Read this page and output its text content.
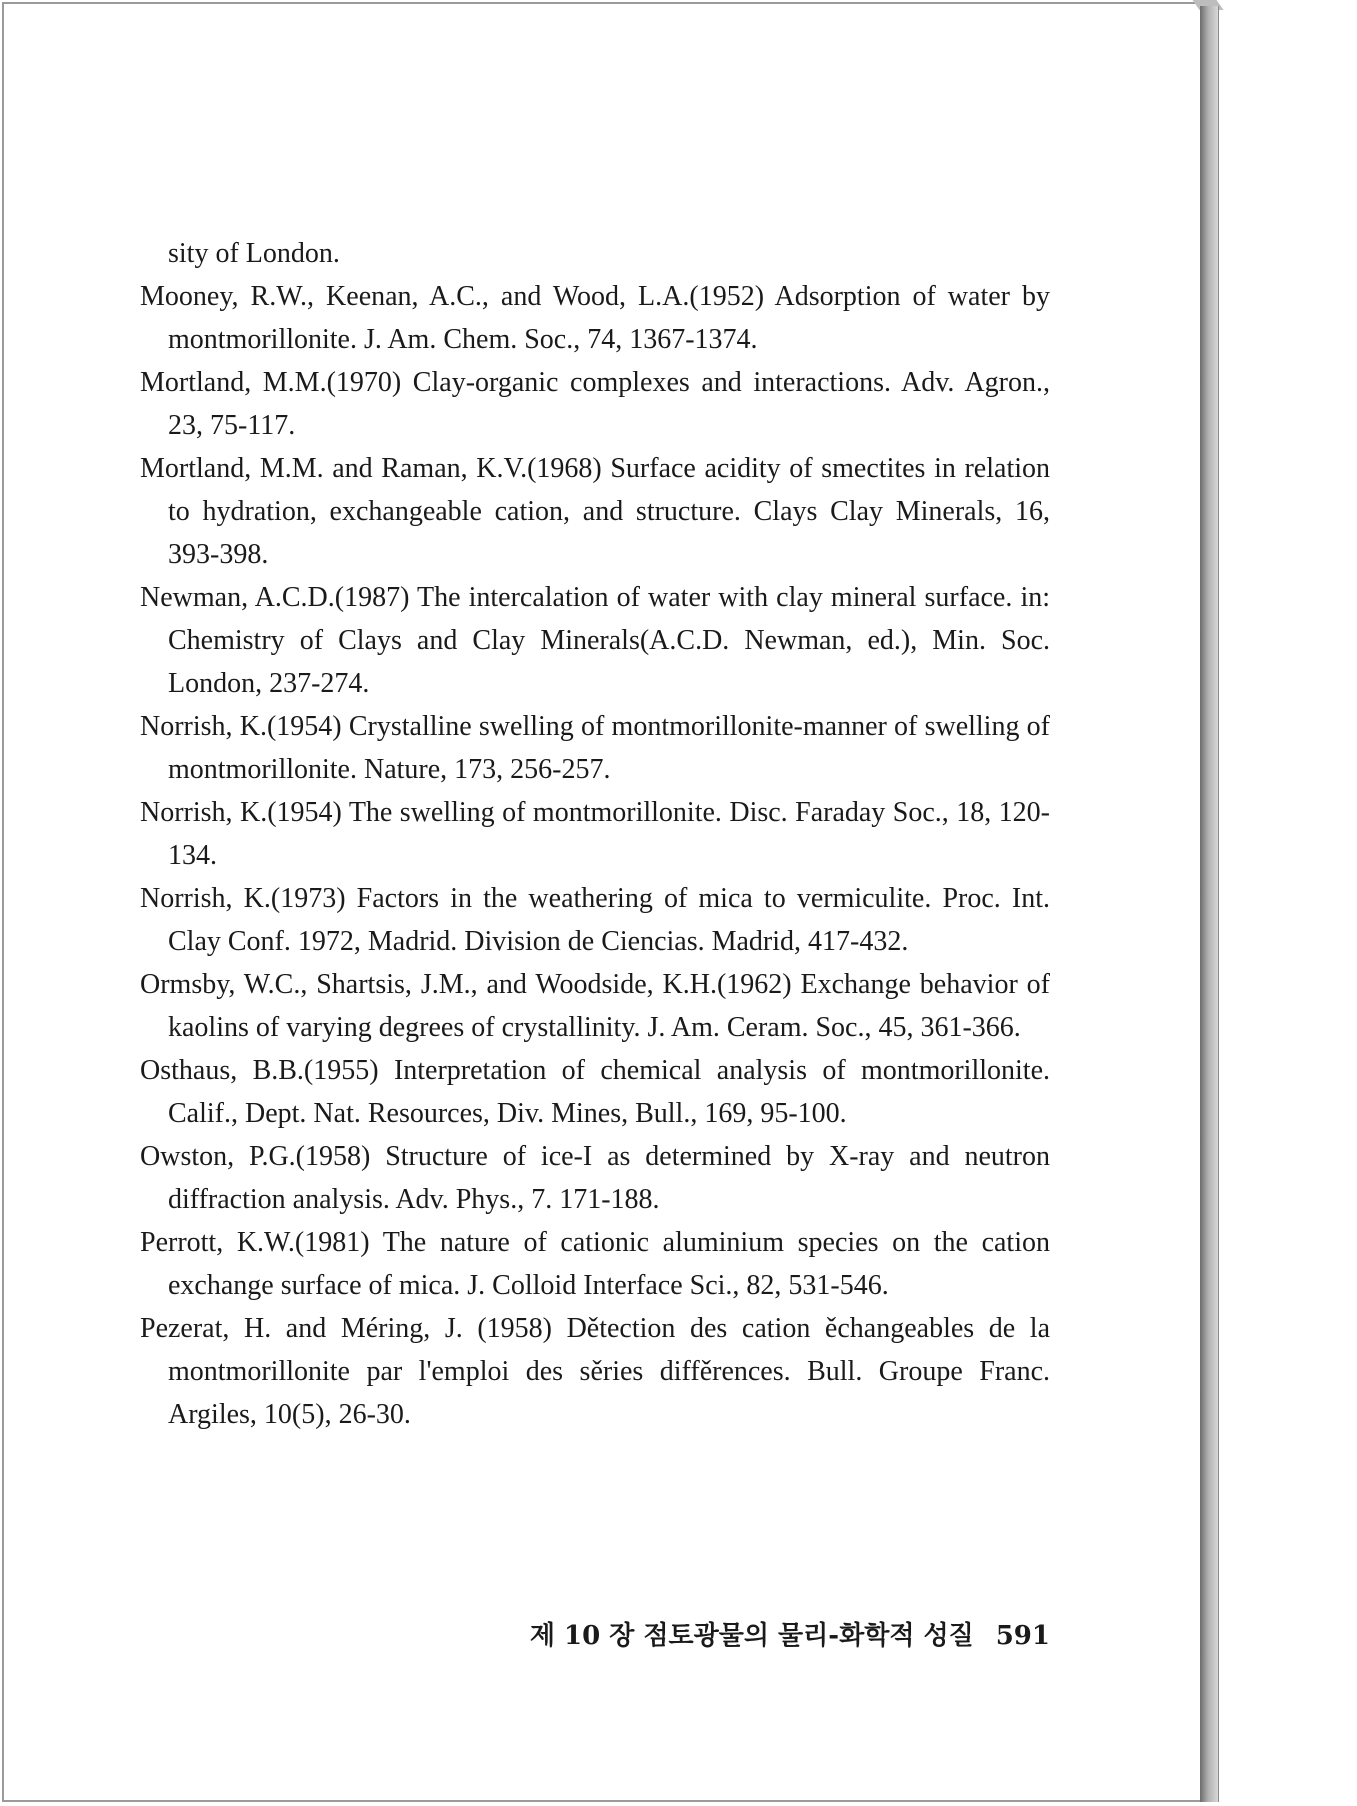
sity of London.
Mooney, R.W., Keenan, A.C., and Wood, L.A.(1952) Adsorption of water by montmorillonite. J. Am. Chem. Soc., 74, 1367-1374.
Mortland, M.M.(1970) Clay-organic complexes and interactions. Adv. Agron., 23, 75-117.
Mortland, M.M. and Raman, K.V.(1968) Surface acidity of smectites in relation to hydration, exchangeable cation, and structure. Clays Clay Minerals, 16, 393-398.
Newman, A.C.D.(1987) The intercalation of water with clay mineral surface. in: Chemistry of Clays and Clay Minerals(A.C.D. Newman, ed.), Min. Soc. London, 237-274.
Norrish, K.(1954) Crystalline swelling of montmorillonite-manner of swelling of montmorillonite. Nature, 173, 256-257.
Norrish, K.(1954) The swelling of montmorillonite. Disc. Faraday Soc., 18, 120-134.
Norrish, K.(1973) Factors in the weathering of mica to vermiculite. Proc. Int. Clay Conf. 1972, Madrid. Division de Ciencias. Madrid, 417-432.
Ormsby, W.C., Shartsis, J.M., and Woodside, K.H.(1962) Exchange behavior of kaolins of varying degrees of crystallinity. J. Am. Ceram. Soc., 45, 361-366.
Osthaus, B.B.(1955) Interpretation of chemical analysis of montmorillonite. Calif., Dept. Nat. Resources, Div. Mines, Bull., 169, 95-100.
Owston, P.G.(1958) Structure of ice-I as determined by X-ray and neutron diffraction analysis. Adv. Phys., 7. 171-188.
Perrott, K.W.(1981) The nature of cationic aluminium species on the cation exchange surface of mica. J. Colloid Interface Sci., 82, 531-546.
Pezerat, H. and Méring, J. (1958) Dětection des cation ěchangeables de la montmorillonite par l'emploi des sěries diffěrences. Bull. Groupe Franc. Argiles, 10(5), 26-30.
제 10 장 점토광물의 물리-화학적 성질 591
